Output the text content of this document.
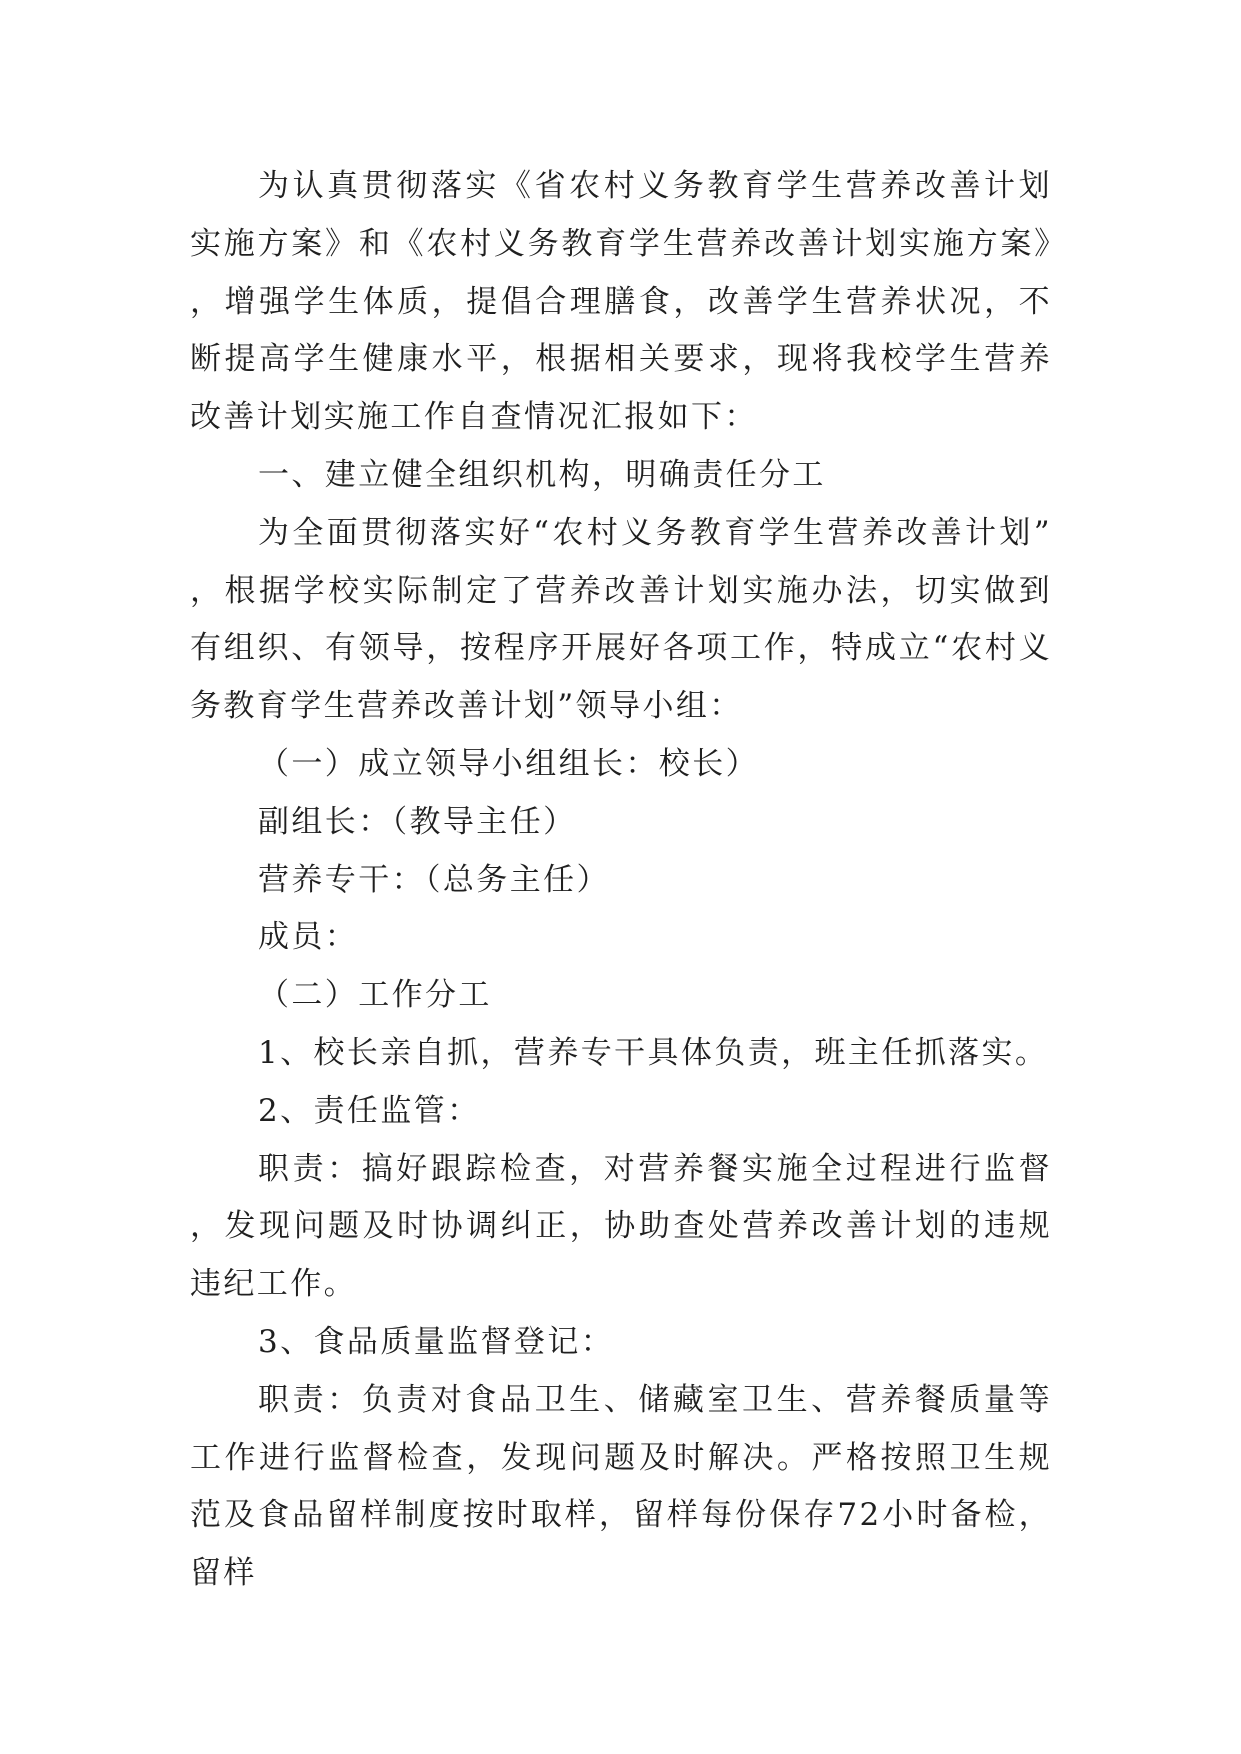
为认真贯彻落实《省农村义务教育学生营养改善计划实施方案》和《农村义务教育学生营养改善计划实施方案》，增强学生体质，提倡合理膳食，改善学生营养状况，不断提高学生健康水平，根据相关要求，现将我校学生营养改善计划实施工作自查情况汇报如下：

一、建立健全组织机构，明确责任分工

为全面贯彻落实好“农村义务教育学生营养改善计划”，根据学校实际制定了营养改善计划实施办法，切实做到有组织、有领导，按程序开展好各项工作，特成立“农村义务教育学生营养改善计划”领导小组：

（一）成立领导小组组长：校长）

副组长：（教导主任）

营养专干：（总务主任）

成员：

（二）工作分工

1、校长亲自抓，营养专干具体负责，班主任抓落实。

2、责任监管：

职责：搞好跟踪检查，对营养餐实施全过程进行监督，发现问题及时协调纠正，协助查处营养改善计划的违规违纪工作。

3、食品质量监督登记：

职责：负责对食品卫生、储藏室卫生、营养餐质量等工作进行监督检查，发现问题及时解决。严格按照卫生规范及食品留样制度按时取样，留样每份保存72小时备检，留样
